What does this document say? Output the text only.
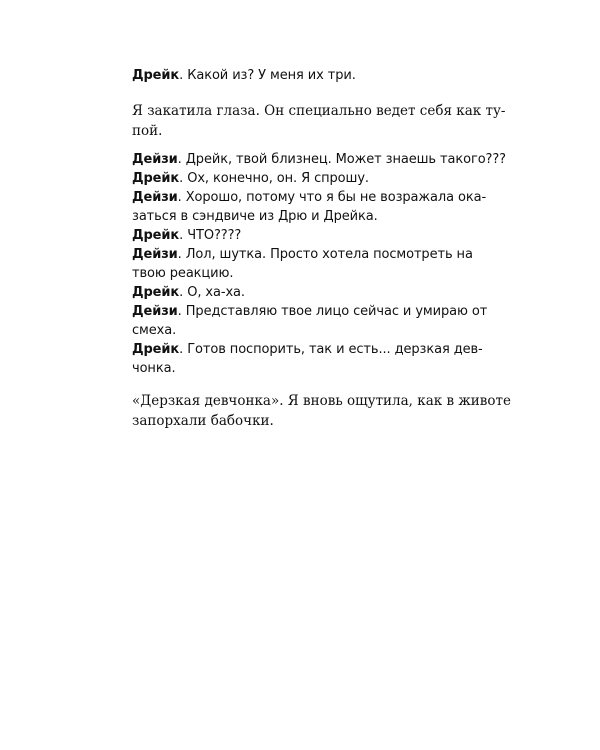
Дрейк. Какой из? У меня их три.
Я закатила глаза. Он специально ведет себя как ту-
пой.
Дейзи. Дрейк, твой близнец. Может знаешь такого???
Дрейк. Ох, конечно, он. Я спрошу.
Дейзи. Хорошо, потому что я бы не возражала ока-
заться в сэндвиче из Дрю и Дрейка.
Дрейк. ЧТО????
Дейзи. Лол, шутка. Просто хотела посмотреть на
твою реакцию.
Дрейк. О, ха-ха.
Дейзи. Представляю твое лицо сейчас и умираю от
смеха.
Дрейк. Готов поспорить, так и есть... дерзкая дев-
чонка.
«Дерзкая девчонка». Я вновь ощутила, как в животе
запорхали бабочки.
